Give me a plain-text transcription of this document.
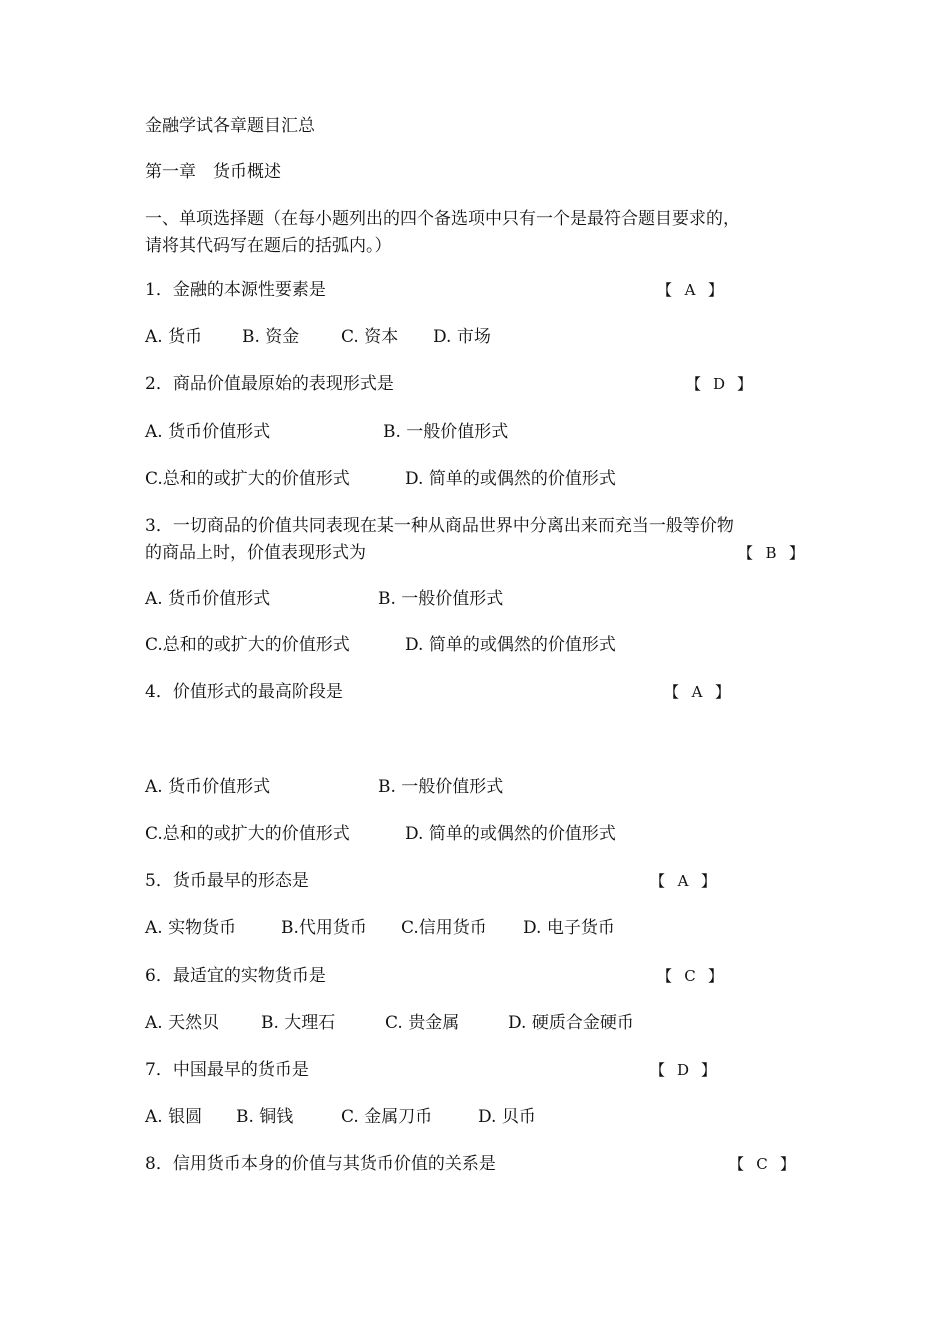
金融学试各章题目汇总
第一章　货币概述
一、单项选择题（在每小题列出的四个备选项中只有一个是最符合题目要求的，
请将其代码写在题后的括弧内。）
1．金融的本源性要素是	【 A 】
A. 货币 B. 资金 C. 资本 D. 市场
2．商品价值最原始的表现形式是	【 D 】
A. 货币价值形式	B. 一般价值形式
C.总和的或扩大的价值形式	D. 简单的或偶然的价值形式
3．一切商品的价值共同表现在某一种从商品世界中分离出来而充当一般等价物
的商品上时，价值表现形式为	【 B 】
A. 货币价值形式	B. 一般价值形式
C.总和的或扩大的价值形式	D. 简单的或偶然的价值形式
4．价值形式的最高阶段是	【 A 】
A. 货币价值形式	B. 一般价值形式
C.总和的或扩大的价值形式	D. 简单的或偶然的价值形式
5．货币最早的形态是	【 A 】
A. 实物货币	B.代用货币 C.信用货币 D. 电子货币
6．最适宜的实物货币是	【 C 】
A. 天然贝 B. 大理石	C. 贵金属	D. 硬质合金硬币
7．中国最早的货币是	【 D 】
A. 银圆 B. 铜钱	C. 金属刀币	D. 贝币
8．信用货币本身的价值与其货币价值的关系是	【 C 】
